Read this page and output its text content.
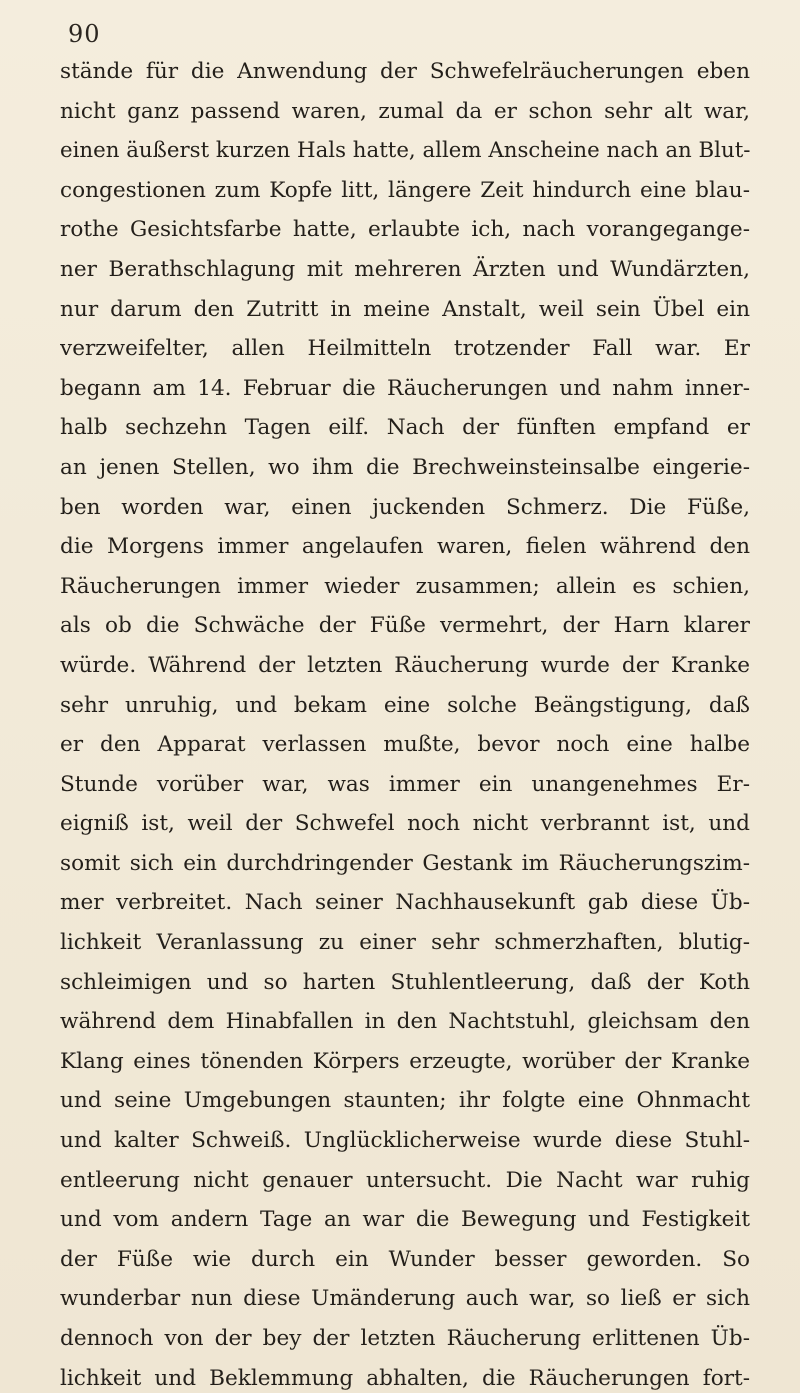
90
stände für die Anwendung der Schwefelräucherungen eben
nicht ganz passend waren, zumal da er schon sehr alt war,
einen äußerst kurzen Hals hatte, allem Anscheine nach an Blut-
congestionen zum Kopfe litt, längere Zeit hindurch eine blau-
rothe Gesichtsfarbe hatte, erlaubte ich, nach vorangegange-
ner Berathschlagung mit mehreren Ärzten und Wundärzten,
nur darum den Zutritt in meine Anstalt, weil sein Übel ein
verzweifelter, allen Heilmitteln trotzender Fall war. Er
begann am 14. Februar die Räucherungen und nahm inner-
halb sechzehn Tagen eilf. Nach der fünften empfand er
an jenen Stellen, wo ihm die Brechweinsteinsalbe eingerie-
ben worden war, einen juckenden Schmerz. Die Füße,
die Morgens immer angelaufen waren, fielen während den
Räucherungen immer wieder zusammen; allein es schien,
als ob die Schwäche der Füße vermehrt, der Harn klarer
würde. Während der letzten Räucherung wurde der Kranke
sehr unruhig, und bekam eine solche Beängstigung, daß
er den Apparat verlassen mußte, bevor noch eine halbe
Stunde vorüber war, was immer ein unangenehmes Er-
eigniß ist, weil der Schwefel noch nicht verbrannt ist, und
somit sich ein durchdringender Gestank im Räucherungszim-
mer verbreitet. Nach seiner Nachhausekunft gab diese Üb-
lichkeit Veranlassung zu einer sehr schmerzhaften, blutig-
schleimigen und so harten Stuhlentleerung, daß der Koth
während dem Hinabfallen in den Nachtstuhl, gleichsam den
Klang eines tönenden Körpers erzeugte, worüber der Kranke
und seine Umgebungen staunten; ihr folgte eine Ohnmacht
und kalter Schweiß. Unglücklicherweise wurde diese Stuhl-
entleerung nicht genauer untersucht. Die Nacht war ruhig
und vom andern Tage an war die Bewegung und Festigkeit
der Füße wie durch ein Wunder besser geworden. So
wunderbar nun diese Umänderung auch war, so ließ er sich
dennoch von der bey der letzten Räucherung erlittenen Üb-
lichkeit und Beklemmung abhalten, die Räucherungen fort-
